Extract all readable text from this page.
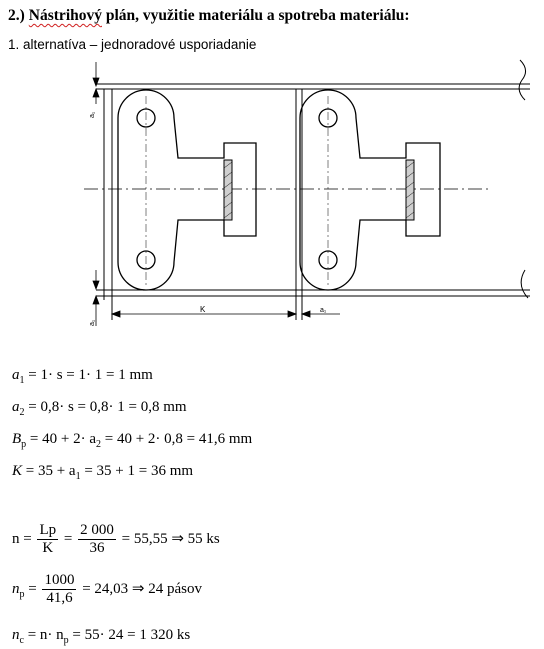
2.) Nástrihový plán, využitie materiálu a spotreba materiálu:
1. alternatíva – jednoradové usporiadanie
a₁
a₁
K	a₁
$a_1 = 1\cdot s = 1\cdot 1 = 1$ mm
$a_2 = 0,8\cdot s = 0,8\cdot 1 = 0,8$ mm
$B_p = 40 + 2\cdot a_2 = 40 + 2\cdot 0,8 = 41,6$ mm
$K = 35 + a_1 = 35 + 1 = 36$ mm
$n = \frac{Lp}{K} = \frac{2 000}{36} = 55,55$ ⇒ 55 ks
$n_p = \frac{1000}{41,6} = 24,03$ ⇒ 24 pásov
$n_c = n\cdot n_p = 55\cdot 24 = 1$ 320 ks
